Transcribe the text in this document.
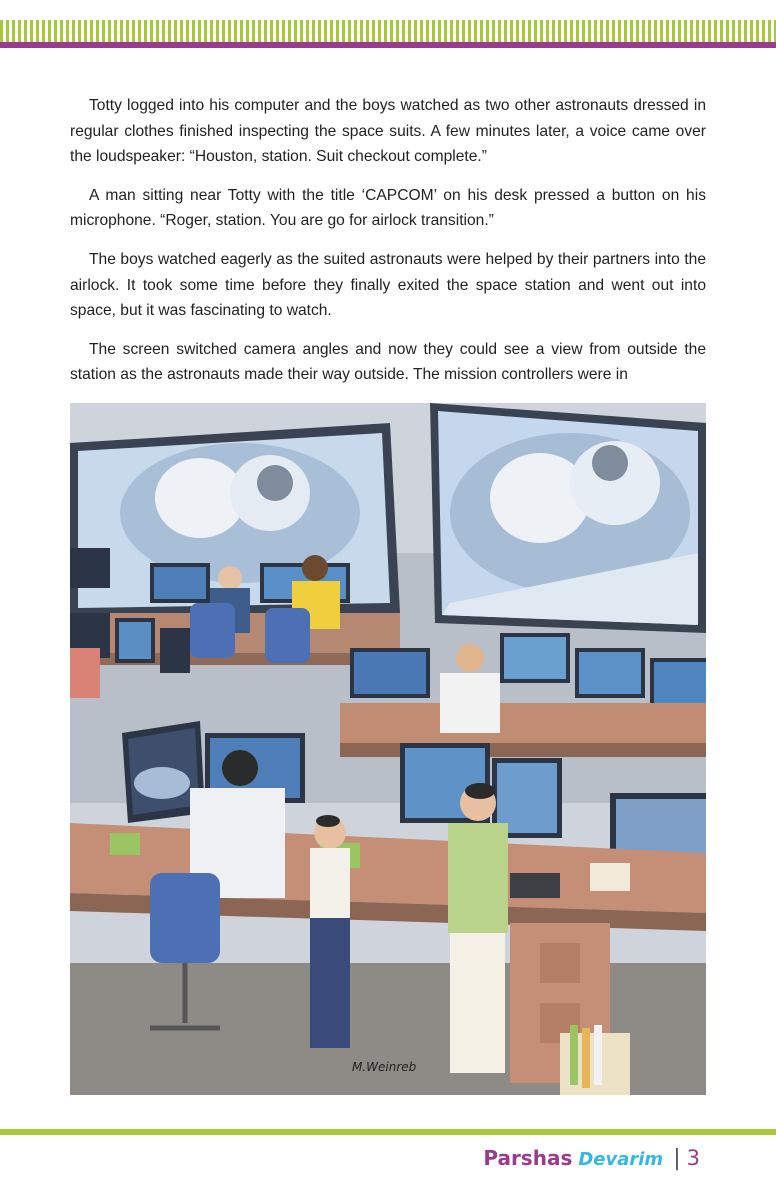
Totty logged into his computer and the boys watched as two other astronauts dressed in regular clothes finished inspecting the space suits. A few minutes later, a voice came over the loudspeaker: “Houston, station. Suit checkout complete.”

A man sitting near Totty with the title ‘CAPCOM’ on his desk pressed a button on his microphone. “Roger, station. You are go for airlock transition.”

The boys watched eagerly as the suited astronauts were helped by their partners into the airlock. It took some time before they finally exited the space station and went out into space, but it was fascinating to watch.

The screen switched camera angles and now they could see a view from outside the station as the astronauts made their way outside. The mission controllers were in

M.Weinreb
Parshas Devarim | 3
